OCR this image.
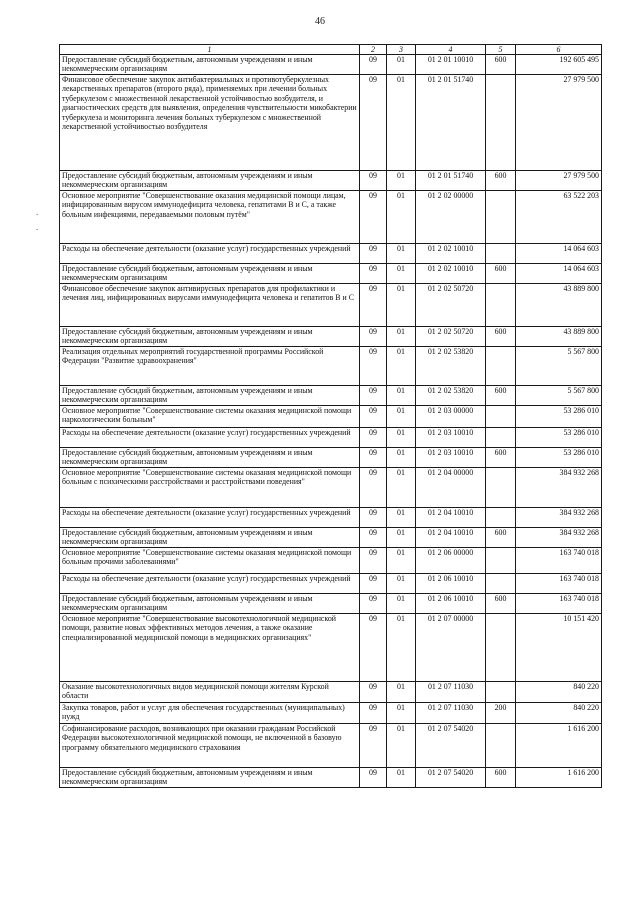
46
.
.
1	2	3	4	5	6
Предоставление субсидий бюджетным, автономным учреждениям и иным некоммерческим организациям	09	01	01 2 01 10010	600	192 605 495
Финансовое обеспечение закупок антибактериальных и противотуберкулезных лекарственных препаратов (второго ряда), применяемых при лечении больных туберкулезом с множественной лекарственной устойчивостью возбудителя, и диагностических средств для выявления, определения чувствительности микобактерии туберкулеза и мониторинга лечения больных туберкулезом с множественной лекарственной устойчивостью возбудителя	09	01	01 2 01 51740		27 979 500
Предоставление субсидий бюджетным, автономным учреждениям и иным некоммерческим организациям	09	01	01 2 01 51740	600	27 979 500
Основное мероприятие "Совершенствование оказания медицинской помощи лицам, инфицированным вирусом иммунодефицита человека, гепатитами В и С, а также больным инфекциями, передаваемыми половым путём"	09	01	01 2 02 00000		63 522 203
Расходы на обеспечение деятельности (оказание услуг) государственных учреждений	09	01	01 2 02 10010		14 064 603
Предоставление субсидий бюджетным, автономным учреждениям и иным некоммерческим организациям	09	01	01 2 02 10010	600	14 064 603
Финансовое обеспечение закупок антивирусных препаратов для профилактики и лечения лиц, инфицированных вирусами иммунодефицита человека и гепатитов В и С	09	01	01 2 02 50720		43 889 800
Предоставление субсидий бюджетным, автономным учреждениям и иным некоммерческим организациям	09	01	01 2 02 50720	600	43 889 800
Реализация отдельных мероприятий государственной программы Российской Федерации "Развитие здравоохранения"	09	01	01 2 02 53820		5 567 800
Предоставление субсидий бюджетным, автономным учреждениям и иным некоммерческим организациям	09	01	01 2 02 53820	600	5 567 800
Основное мероприятие "Совершенствование системы оказания медицинской помощи наркологическим больным"	09	01	01 2 03 00000		53 286 010
Расходы на обеспечение деятельности (оказание услуг) государственных учреждений	09	01	01 2 03 10010		53 286 010
Предоставление субсидий бюджетным, автономным учреждениям и иным некоммерческим организациям	09	01	01 2 03 10010	600	53 286 010
Основное мероприятие "Совершенствование системы оказания медицинской помощи больным с психическими расстройствами и расстройствами поведения"	09	01	01 2 04 00000		384 932 268
Расходы на обеспечение деятельности (оказание услуг) государственных учреждений	09	01	01 2 04 10010		384 932 268
Предоставление субсидий бюджетным, автономным учреждениям и иным некоммерческим организациям	09	01	01 2 04 10010	600	384 932 268
Основное мероприятие "Совершенствование системы оказания медицинской помощи больным прочими заболеваниями"	09	01	01 2 06 00000		163 740 018
Расходы на обеспечение деятельности (оказание услуг) государственных учреждений	09	01	01 2 06 10010		163 740 018
Предоставление субсидий бюджетным, автономным учреждениям и иным некоммерческим организациям	09	01	01 2 06 10010	600	163 740 018
Основное мероприятие "Совершенствование высокотехнологичной медицинской помощи, развитие новых эффективных методов лечения, а также оказание специализированной медицинской помощи в медицинских организациях"	09	01	01 2 07 00000		10 151 420
Оказание высокотехнологичных видов медицинской помощи жителям Курской области	09	01	01 2 07 11030		840 220
Закупка товаров, работ и услуг для обеспечения государственных (муниципальных) нужд	09	01	01 2 07 11030	200	840 220
Софинансирование расходов, возникающих при оказании гражданам Российской Федерации высокотехнологичной медицинской помощи, не включенной в базовую программу обязательного медицинского страхования	09	01	01 2 07 54020		1 616 200
Предоставление субсидий бюджетным, автономным учреждениям и иным некоммерческим организациям	09	01	01 2 07 54020	600	1 616 200
